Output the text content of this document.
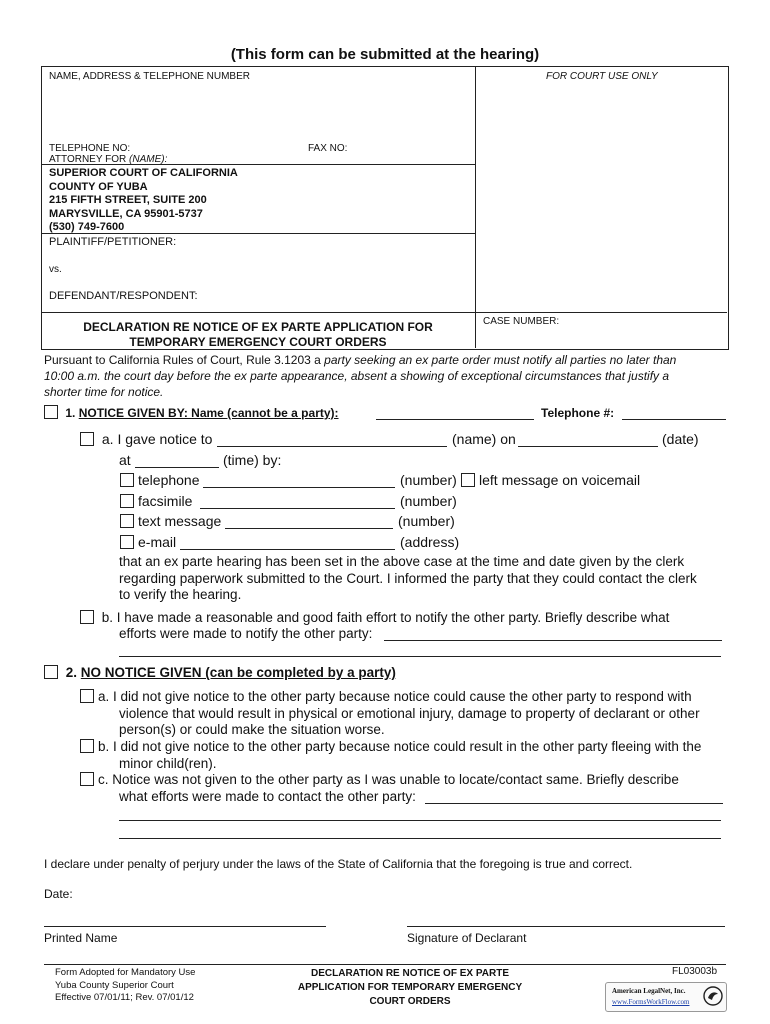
(This form can be submitted at the hearing)
NAME, ADDRESS & TELEPHONE NUMBER	FOR COURT USE ONLY
TELEPHONE NO:	FAX NO:
ATTORNEY FOR (NAME):
SUPERIOR COURT OF CALIFORNIA
COUNTY OF YUBA
215 FIFTH STREET, SUITE 200
MARYSVILLE, CA 95901-5737
(530) 749-7600
PLAINTIFF/PETITIONER:
vs.
DEFENDANT/RESPONDENT:
DECLARATION RE NOTICE OF EX PARTE APPLICATION FOR
TEMPORARY EMERGENCY COURT ORDERS
CASE NUMBER:
Pursuant to California Rules of Court, Rule 3.1203 a party seeking an ex parte order must notify all parties no later than
10:00 a.m. the court day before the ex parte appearance, absent a showing of exceptional circumstances that justify a
shorter time for notice.
1. NOTICE GIVEN BY: Name (cannot be a party):	Telephone #:
a. I gave notice to	(name) on	(date)
at	(time) by:
telephone	(number)	left message on voicemail
facsimile	(number)
text message	(number)
e-mail	(address)
that an ex parte hearing has been set in the above case at the time and date given by the clerk
regarding paperwork submitted to the Court. I informed the party that they could contact the clerk
to verify the hearing.
b. I have made a reasonable and good faith effort to notify the other party. Briefly describe what
efforts were made to notify the other party:
2. NO NOTICE GIVEN (can be completed by a party)
a. I did not give notice to the other party because notice could cause the other party to respond with
violence that would result in physical or emotional injury, damage to property of declarant or other
person(s) or could make the situation worse.
b. I did not give notice to the other party because notice could result in the other party fleeing with the
minor child(ren).
c. Notice was not given to the other party as I was unable to locate/contact same. Briefly describe
what efforts were made to contact the other party:
I declare under penalty of perjury under the laws of the State of California that the foregoing is true and correct.
Date:
Printed Name	Signature of Declarant
Form Adopted for Mandatory Use
Yuba County Superior Court
Effective 07/01/11; Rev. 07/01/12
DECLARATION RE NOTICE OF EX PARTE
APPLICATION FOR TEMPORARY EMERGENCY
COURT ORDERS
FL03003b
American LegalNet, Inc.
www.FormsWorkFlow.com
